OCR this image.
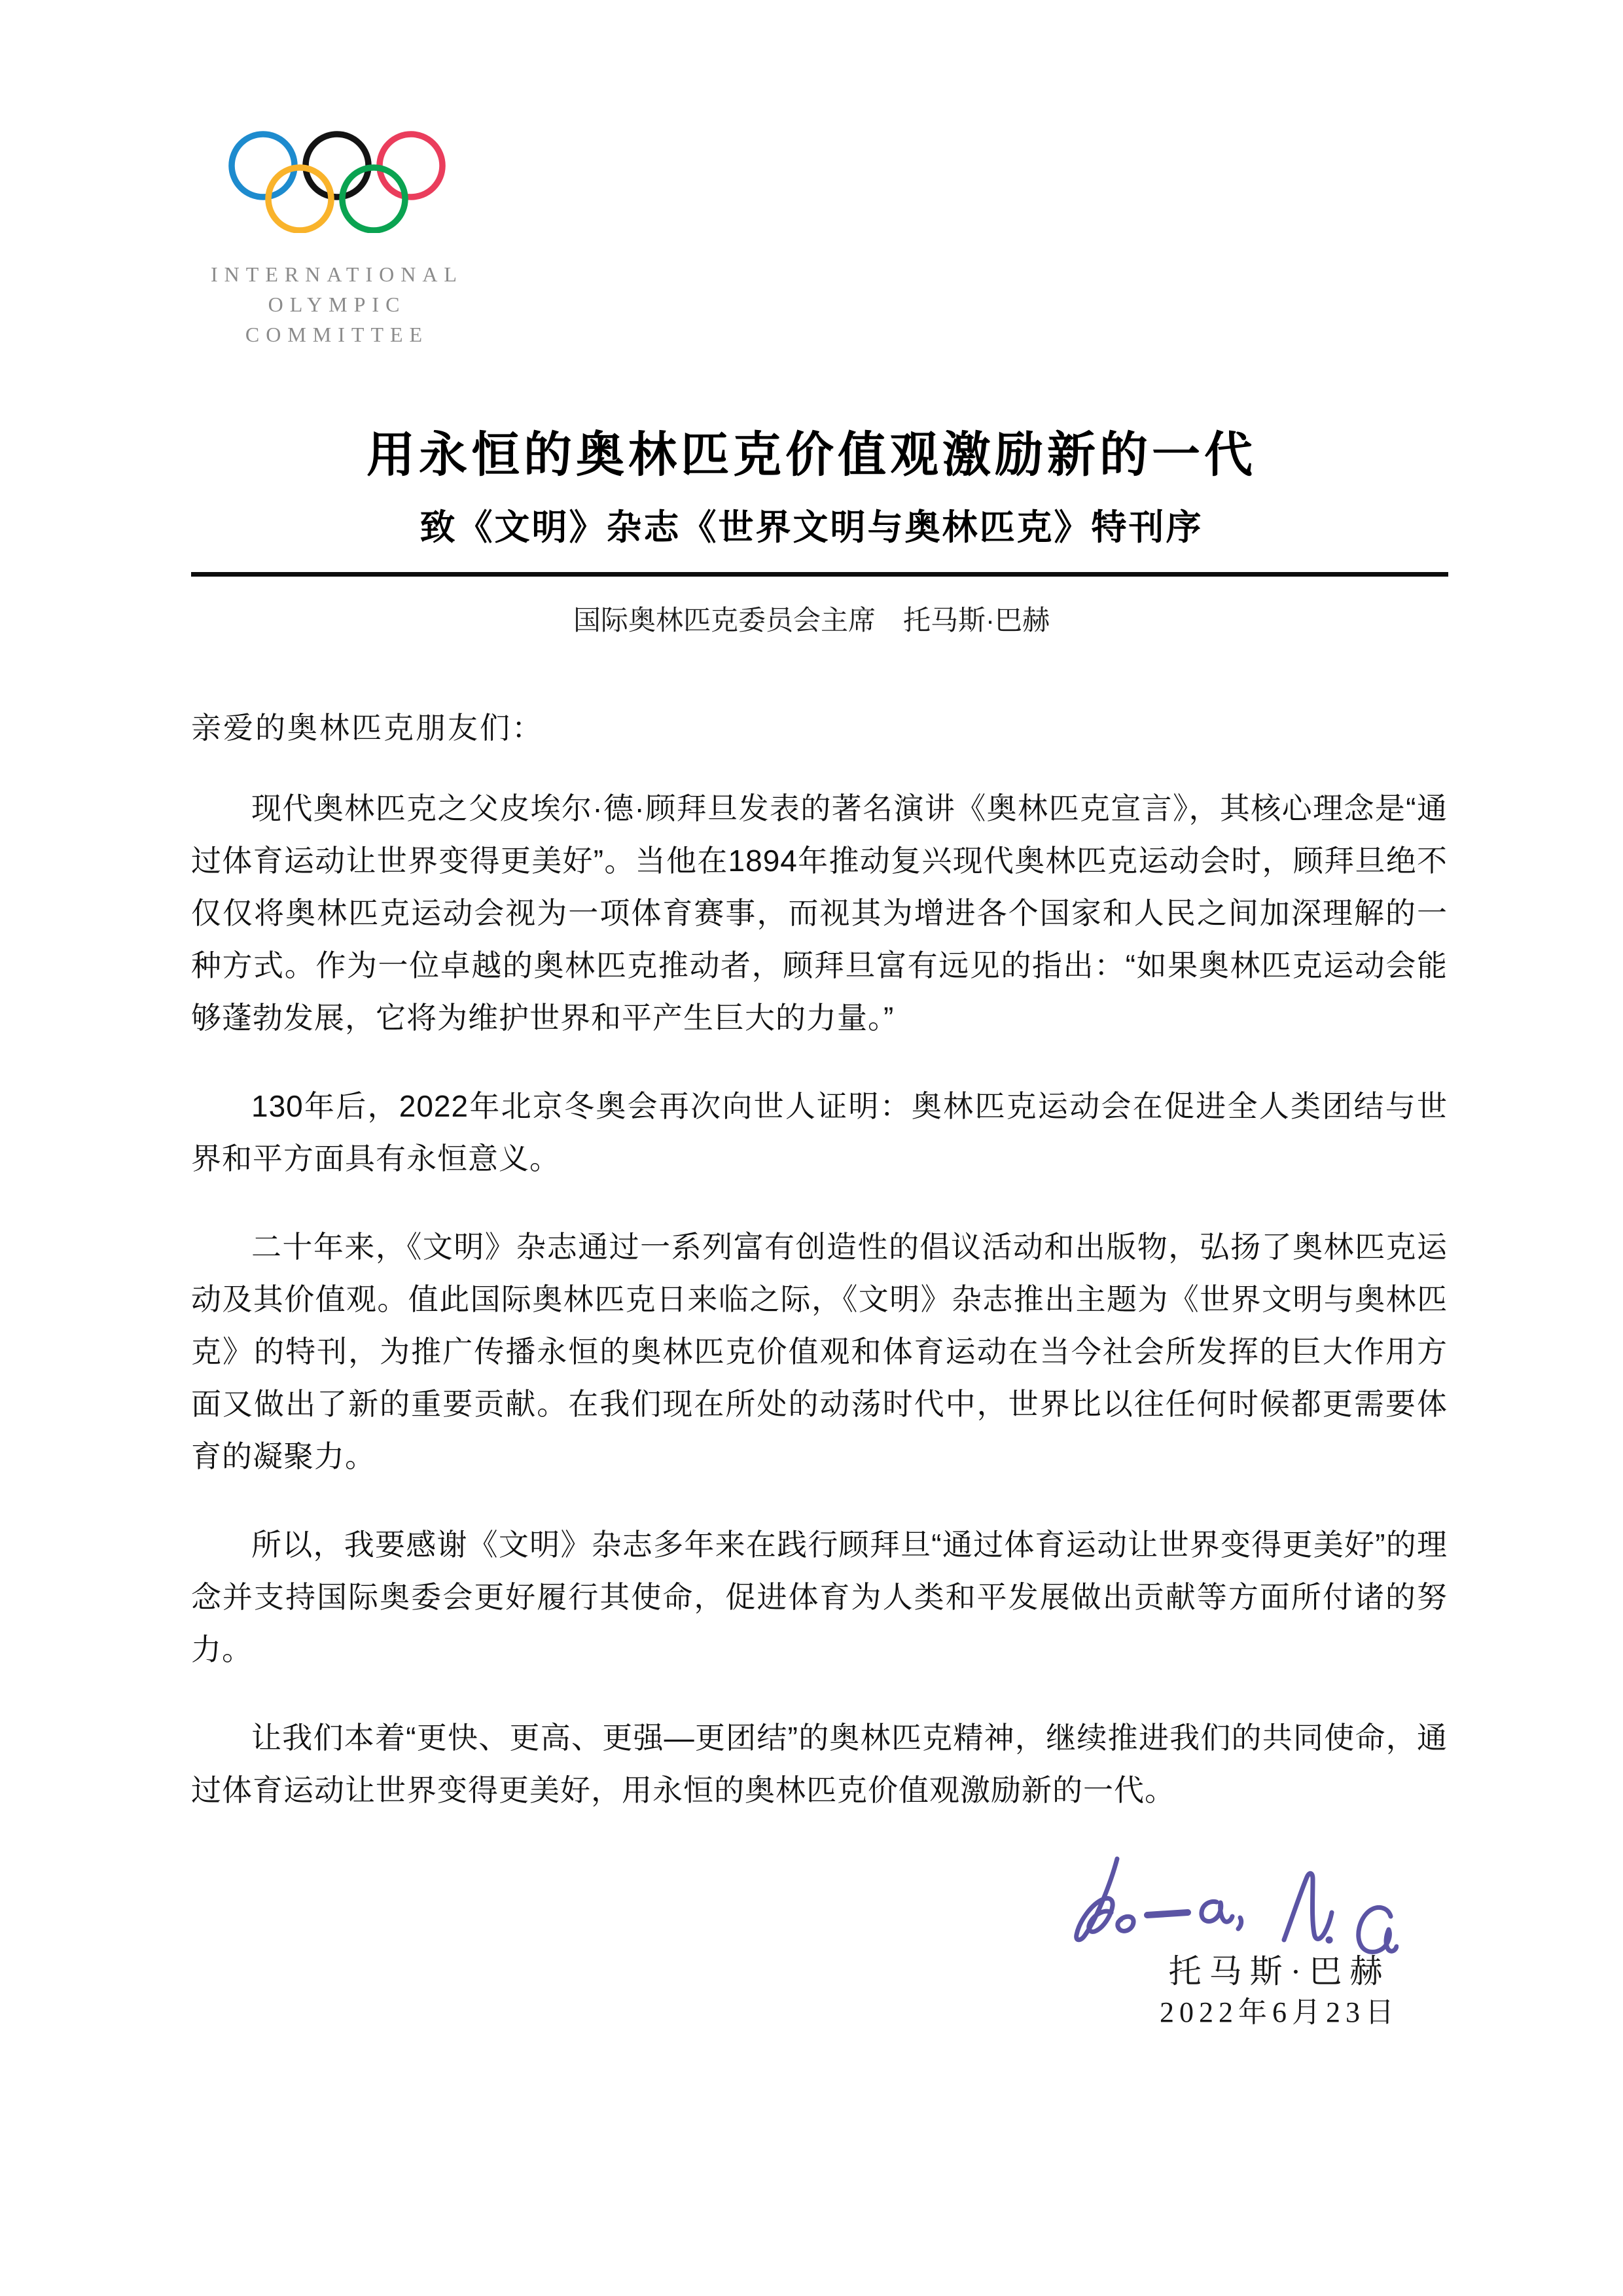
INTERNATIONAL
OLYMPIC
COMMITTEE
用永恒的奥林匹克价值观激励新的一代
致《文明》杂志《世界文明与奥林匹克》特刊序
国际奥林匹克委员会主席　托马斯·巴赫
亲爱的奥林匹克朋友们：

现代奥林匹克之父皮埃尔·德·顾拜旦发表的著名演讲《奥林匹克宣言》，其核心理念是“通过体育运动让世界变得更美好”。当他在1894年推动复兴现代奥林匹克运动会时，顾拜旦绝不仅仅将奥林匹克运动会视为一项体育赛事，而视其为增进各个国家和人民之间加深理解的一种方式。作为一位卓越的奥林匹克推动者，顾拜旦富有远见的指出：“如果奥林匹克运动会能够蓬勃发展，它将为维护世界和平产生巨大的力量。”

130年后，2022年北京冬奥会再次向世人证明：奥林匹克运动会在促进全人类团结与世界和平方面具有永恒意义。

二十年来，《文明》杂志通过一系列富有创造性的倡议活动和出版物，弘扬了奥林匹克运动及其价值观。值此国际奥林匹克日来临之际，《文明》杂志推出主题为《世界文明与奥林匹克》的特刊，为推广传播永恒的奥林匹克价值观和体育运动在当今社会所发挥的巨大作用方面又做出了新的重要贡献。在我们现在所处的动荡时代中，世界比以往任何时候都更需要体育的凝聚力。

所以，我要感谢《文明》杂志多年来在践行顾拜旦“通过体育运动让世界变得更美好”的理念并支持国际奥委会更好履行其使命，促进体育为人类和平发展做出贡献等方面所付诸的努力。

让我们本着“更快、更高、更强—更团结”的奥林匹克精神，继续推进我们的共同使命，通过体育运动让世界变得更美好，用永恒的奥林匹克价值观激励新的一代。

托马斯·巴赫
2022年6月23日
